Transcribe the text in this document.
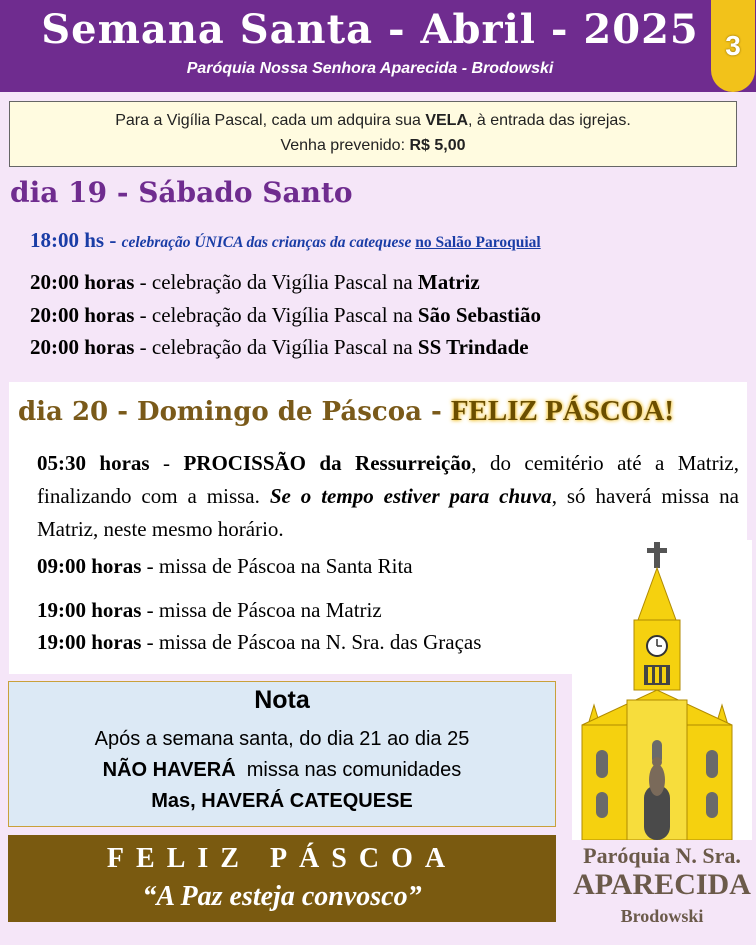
Semana Santa - Abril - 2025
Paróquia Nossa Senhora Aparecida - Brodowski
3
Para a Vigília Pascal, cada um adquira sua VELA, à entrada das igrejas.
Venha prevenido: R$ 5,00
dia 19 - Sábado Santo
18:00 hs - celebração ÚNICA das crianças da catequese no Salão Paroquial
20:00 horas - celebração da Vigília Pascal na Matriz
20:00 horas - celebração da Vigília Pascal na São Sebastião
20:00 horas - celebração da Vigília Pascal na SS Trindade
dia 20 - Domingo de Páscoa - FELIZ PÁSCOA!
05:30 horas - PROCISSÃO da Ressurreição, do cemitério até a Matriz, finalizando com a missa. Se o tempo estiver para chuva, só haverá missa na Matriz, neste mesmo horário.
09:00 horas - missa de Páscoa na Santa Rita
19:00 horas - missa de Páscoa na Matriz
19:00 horas - missa de Páscoa na N. Sra. das Graças
Nota
Após a semana santa, do dia 21 ao dia 25
NÃO HAVERÁ  missa nas comunidades
Mas, HAVERÁ CATEQUESE
FELIZ PÁSCOA
“A Paz esteja convosco”
Paróquia N. Sra.
APARECIDA
Brodowski
